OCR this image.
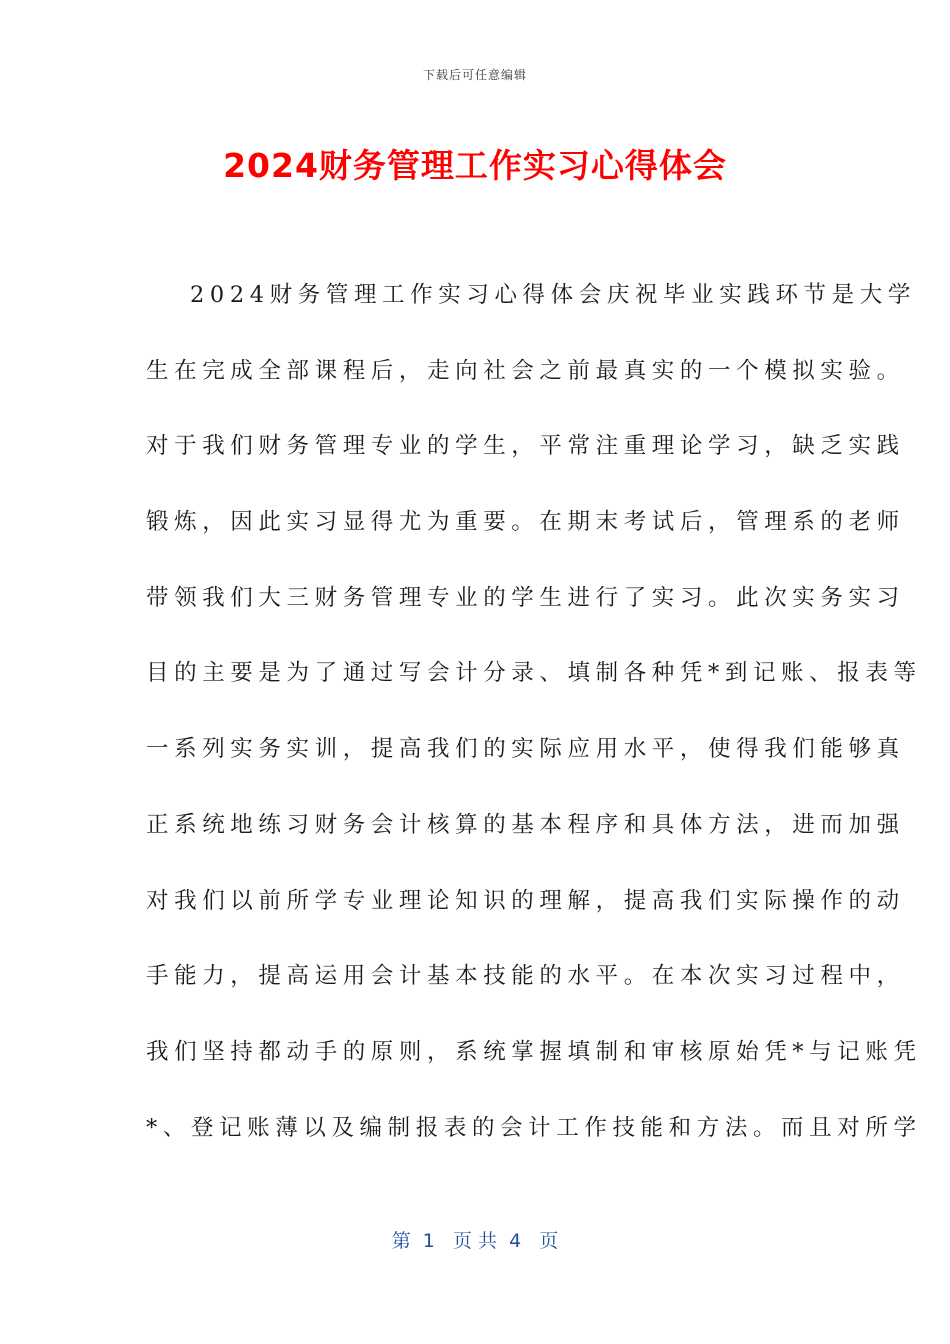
下载后可任意编辑
2024财务管理工作实习心得体会
2024财务管理工作实习心得体会庆祝毕业实践环节是大学
生在完成全部课程后，走向社会之前最真实的一个模拟实验。
对于我们财务管理专业的学生，平常注重理论学习，缺乏实践
锻炼，因此实习显得尤为重要。在期末考试后，管理系的老师
带领我们大三财务管理专业的学生进行了实习。此次实务实习
目的主要是为了通过写会计分录、填制各种凭*到记账、报表等
一系列实务实训，提高我们的实际应用水平，使得我们能够真
正系统地练习财务会计核算的基本程序和具体方法，进而加强
对我们以前所学专业理论知识的理解，提高我们实际操作的动
手能力，提高运用会计基本技能的水平。在本次实习过程中，
我们坚持都动手的原则，系统掌握填制和审核原始凭*与记账凭
*、登记账薄以及编制报表的会计工作技能和方法。而且对所学
第  1   页 共  4   页
